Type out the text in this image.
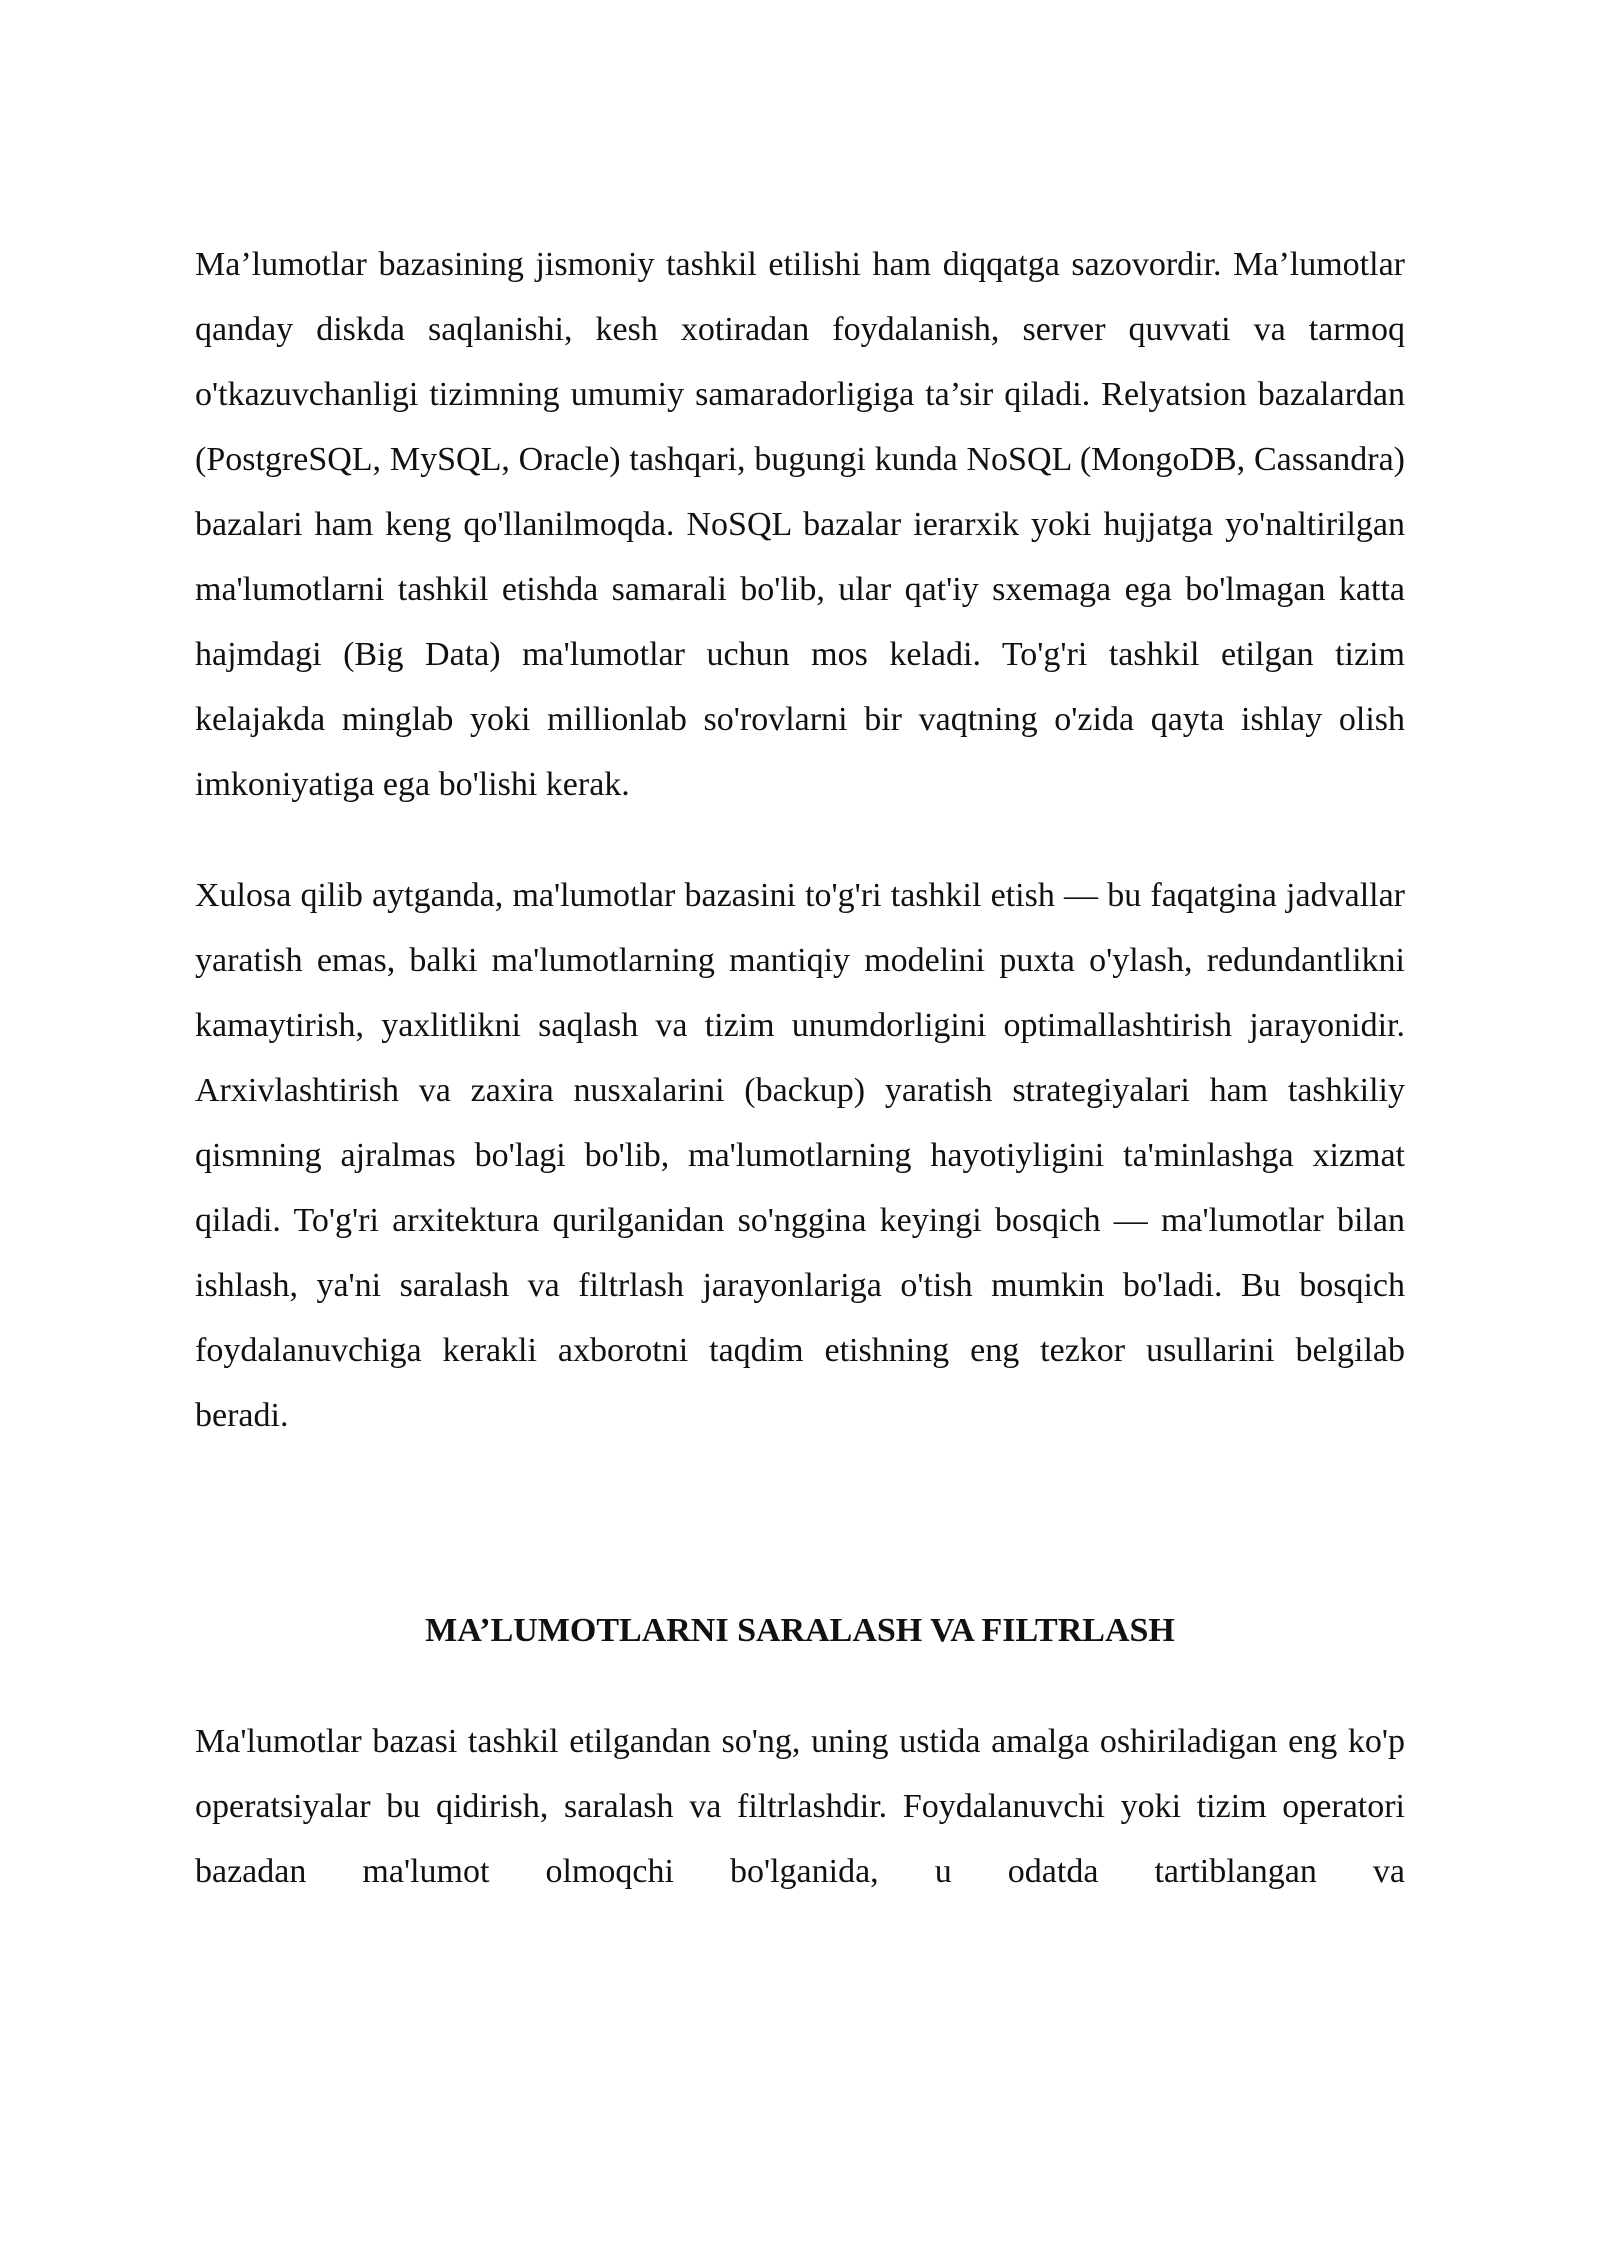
Ma’lumotlar bazasining jismoniy tashkil etilishi ham diqqatga sazovordir. Ma’lumotlar qanday diskda saqlanishi, kesh xotiradan foydalanish, server quvvati va tarmoq o'tkazuvchanligi tizimning umumiy samaradorligiga ta’sir qiladi. Relyatsion bazalardan (PostgreSQL, MySQL, Oracle) tashqari, bugungi kunda NoSQL (MongoDB, Cassandra) bazalari ham keng qo'llanilmoqda. NoSQL bazalar ierarxik yoki hujjatga yo'naltirilgan ma'lumotlarni tashkil etishda samarali bo'lib, ular qat'iy sxemaga ega bo'lmagan katta hajmdagi (Big Data) ma'lumotlar uchun mos keladi. To'g'ri tashkil etilgan tizim kelajakda minglab yoki millionlab so'rovlarni bir vaqtning o'zida qayta ishlay olish imkoniyatiga ega bo'lishi kerak.

Xulosa qilib aytganda, ma'lumotlar bazasini to'g'ri tashkil etish — bu faqatgina jadvallar yaratish emas, balki ma'lumotlarning mantiqiy modelini puxta o'ylash, redundantlikni kamaytirish, yaxlitlikni saqlash va tizim unumdorligini optimallashtirish jarayonidir. Arxivlashtirish va zaxira nusxalarini (backup) yaratish strategiyalari ham tashkiliy qismning ajralmas bo'lagi bo'lib, ma'lumotlarning hayotiyligini ta'minlashga xizmat qiladi. To'g'ri arxitektura qurilganidan so'nggina keyingi bosqich — ma'lumotlar bilan ishlash, ya'ni saralash va filtrlash jarayonlariga o'tish mumkin bo'ladi. Bu bosqich foydalanuvchiga kerakli axborotni taqdim etishning eng tezkor usullarini belgilab beradi.

MA’LUMOTLARNI SARALASH VA FILTRLASH

Ma'lumotlar bazasi tashkil etilgandan so'ng, uning ustida amalga oshiriladigan eng ko'p operatsiyalar bu qidirish, saralash va filtrlashdir. Foydalanuvchi yoki tizim operatori bazadan ma'lumot olmoqchi bo'lganida, u odatda tartiblangan va
